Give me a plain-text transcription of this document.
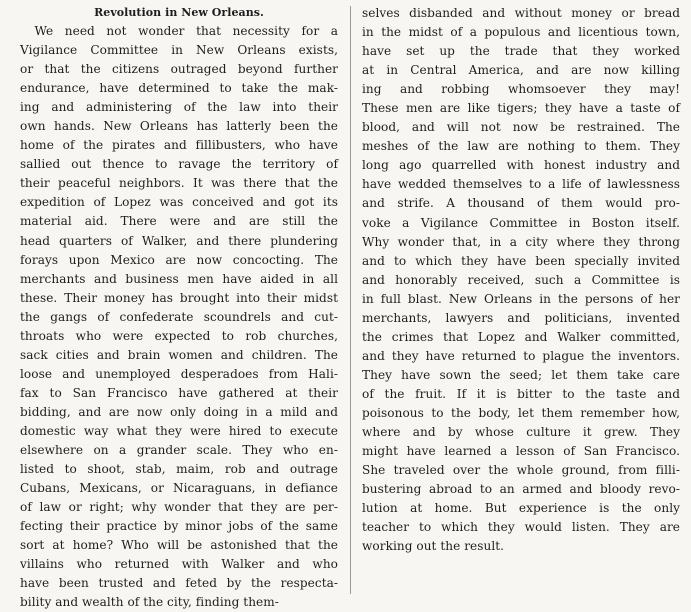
Revolution in New Orleans.
We need not wonder that necessity for a
Vigilance Committee in New Orleans exists,
or that the citizens outraged beyond further
endurance, have determined to take the mak-
ing and administering of the law into their
own hands. New Orleans has latterly been the
home of the pirates and fillibusters, who have
sallied out thence to ravage the territory of
their peaceful neighbors. It was there that the
expedition of Lopez was conceived and got its
material aid. There were and are still the
head quarters of Walker, and there plundering
forays upon Mexico are now concocting. The
merchants and business men have aided in all
these. Their money has brought into their midst
the gangs of confederate scoundrels and cut-
throats who were expected to rob churches,
sack cities and brain women and children. The
loose and unemployed desperadoes from Hali-
fax to San Francisco have gathered at their
bidding, and are now only doing in a mild and
domestic way what they were hired to execute
elsewhere on a grander scale. They who en-
listed to shoot, stab, maim, rob and outrage
Cubans, Mexicans, or Nicaraguans, in defiance
of law or right; why wonder that they are per-
fecting their practice by minor jobs of the same
sort at home? Who will be astonished that the
villains who returned with Walker and who
have been trusted and feted by the respecta-
bility and wealth of the city, finding them-
selves disbanded and without money or bread
in the midst of a populous and licentious town,
have set up the trade that they worked
at in Central America, and are now killing
ing and robbing whomsoever they may!
These men are like tigers; they have a taste of
blood, and will not now be restrained. The
meshes of the law are nothing to them. They
long ago quarrelled with honest industry and
have wedded themselves to a life of lawlessness
and strife. A thousand of them would pro-
voke a Vigilance Committee in Boston itself.
Why wonder that, in a city where they throng
and to which they have been specially invited
and honorably received, such a Committee is
in full blast. New Orleans in the persons of her
merchants, lawyers and politicians, invented
the crimes that Lopez and Walker committed,
and they have returned to plague the inventors.
They have sown the seed; let them take care
of the fruit. If it is bitter to the taste and
poisonous to the body, let them remember how,
where and by whose culture it grew. They
might have learned a lesson of San Francisco.
She traveled over the whole ground, from filli-
bustering abroad to an armed and bloody revo-
lution at home. But experience is the only
teacher to which they would listen. They are
working out the result.
